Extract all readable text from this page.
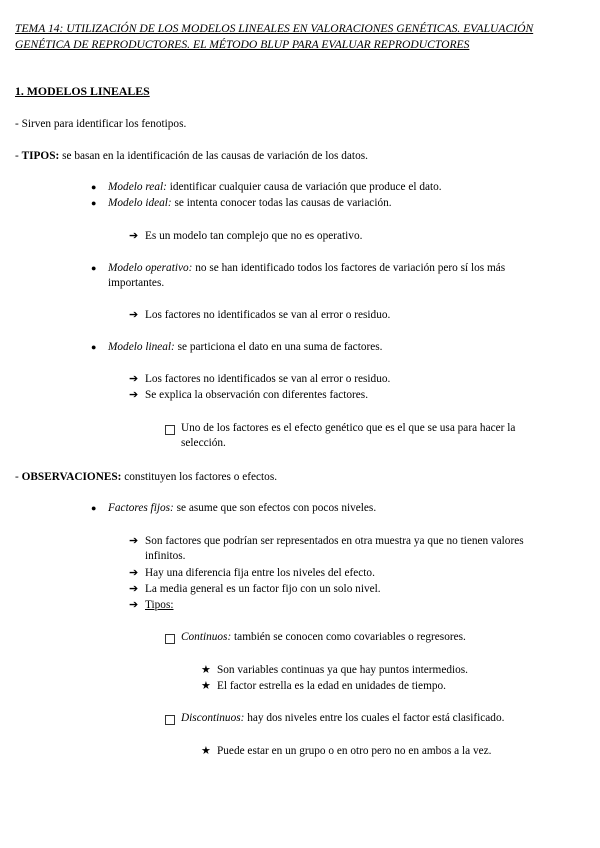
TEMA 14: UTILIZACIÓN DE LOS MODELOS LINEALES EN VALORACIONES GENÉTICAS. EVALUACIÓN GENÉTICA DE REPRODUCTORES. EL MÉTODO BLUP PARA EVALUAR REPRODUCTORES
1. MODELOS LINEALES
- Sirven para identificar los fenotipos.
- TIPOS: se basan en la identificación de las causas de variación de los datos.
● Modelo real: identificar cualquier causa de variación que produce el dato.
● Modelo ideal: se intenta conocer todas las causas de variación.
➔ Es un modelo tan complejo que no es operativo.
● Modelo operativo: no se han identificado todos los factores de variación pero sí los más importantes.
➔ Los factores no identificados se van al error o residuo.
● Modelo lineal: se particiona el dato en una suma de factores.
➔ Los factores no identificados se van al error o residuo.
➔ Se explica la observación con diferentes factores.
Uno de los factores es el efecto genético que es el que se usa para hacer la selección.
- OBSERVACIONES: constituyen los factores o efectos.
● Factores fijos: se asume que son efectos con pocos niveles.
➔ Son factores que podrían ser representados en otra muestra ya que no tienen valores infinitos.
➔ Hay una diferencia fija entre los niveles del efecto.
➔ La media general es un factor fijo con un solo nivel.
➔ Tipos:
Continuos: también se conocen como covariables o regresores.
★ Son variables continuas ya que hay puntos intermedios.
★ El factor estrella es la edad en unidades de tiempo.
Discontinuos: hay dos niveles entre los cuales el factor está clasificado.
★ Puede estar en un grupo o en otro pero no en ambos a la vez.
